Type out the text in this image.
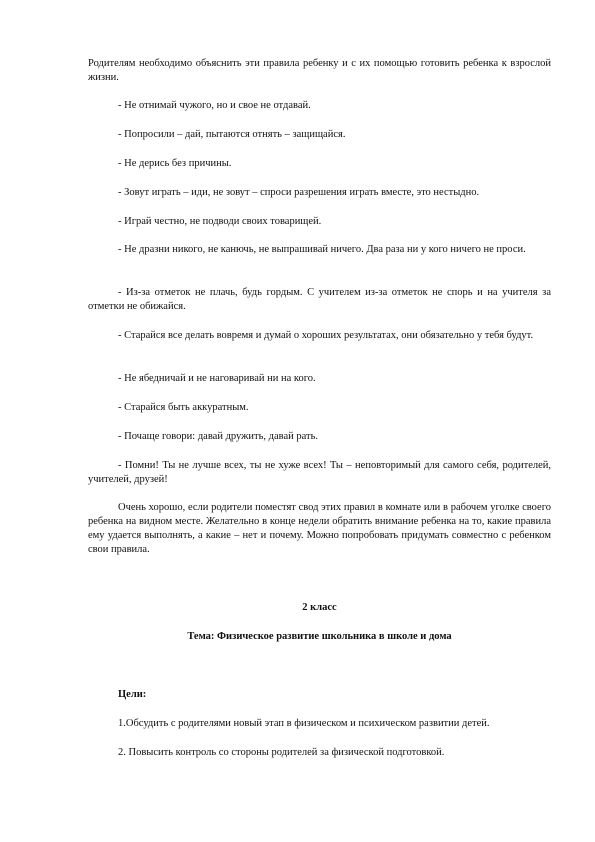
Родителям необходимо объяснить эти правила ребенку и с их помощью готовить ребенка к взрослой жизни.

- Не отнимай чужого, но и свое не отдавай.

- Попросили – дай, пытаются отнять – защищайся.

- Не дерись без причины.

- Зовут играть – иди, не зовут – спроси разрешения играть вместе, это нестыдно.

- Играй честно, не подводи своих товарищей.

- Не дразни никого, не канючь, не выпрашивай ничего. Два раза ни у кого ничего не проси.

- Из-за отметок не плачь, будь гордым. С учителем из-за отметок не спорь и на учителя за отметки не обижайся.

- Старайся все делать вовремя и думай о хороших результатах, они обязательно у тебя будут.

- Не ябедничай и не наговаривай ни на кого.

- Старайся быть аккуратным.

- Почаще говори: давай дружить, давай рать.

- Помни! Ты не лучше всех, ты не хуже всех! Ты – неповторимый для самого себя, родителей, учителей, друзей!

Очень хорошо, если родители поместят свод этих правил в комнате или в рабочем уголке своего ребенка на видном месте. Желательно в конце недели обратить внимание ребенка на то, какие правила ему удается выполнять, а какие – нет и почему. Можно попробовать придумать совместно с ребенком свои правила.

2 класс

Тема: Физическое развитие школьника в школе и дома

Цели:

1.Обсудить с родителями новый этап в физическом и психическом развитии детей.

2. Повысить контроль со стороны родителей за физической подготовкой.
